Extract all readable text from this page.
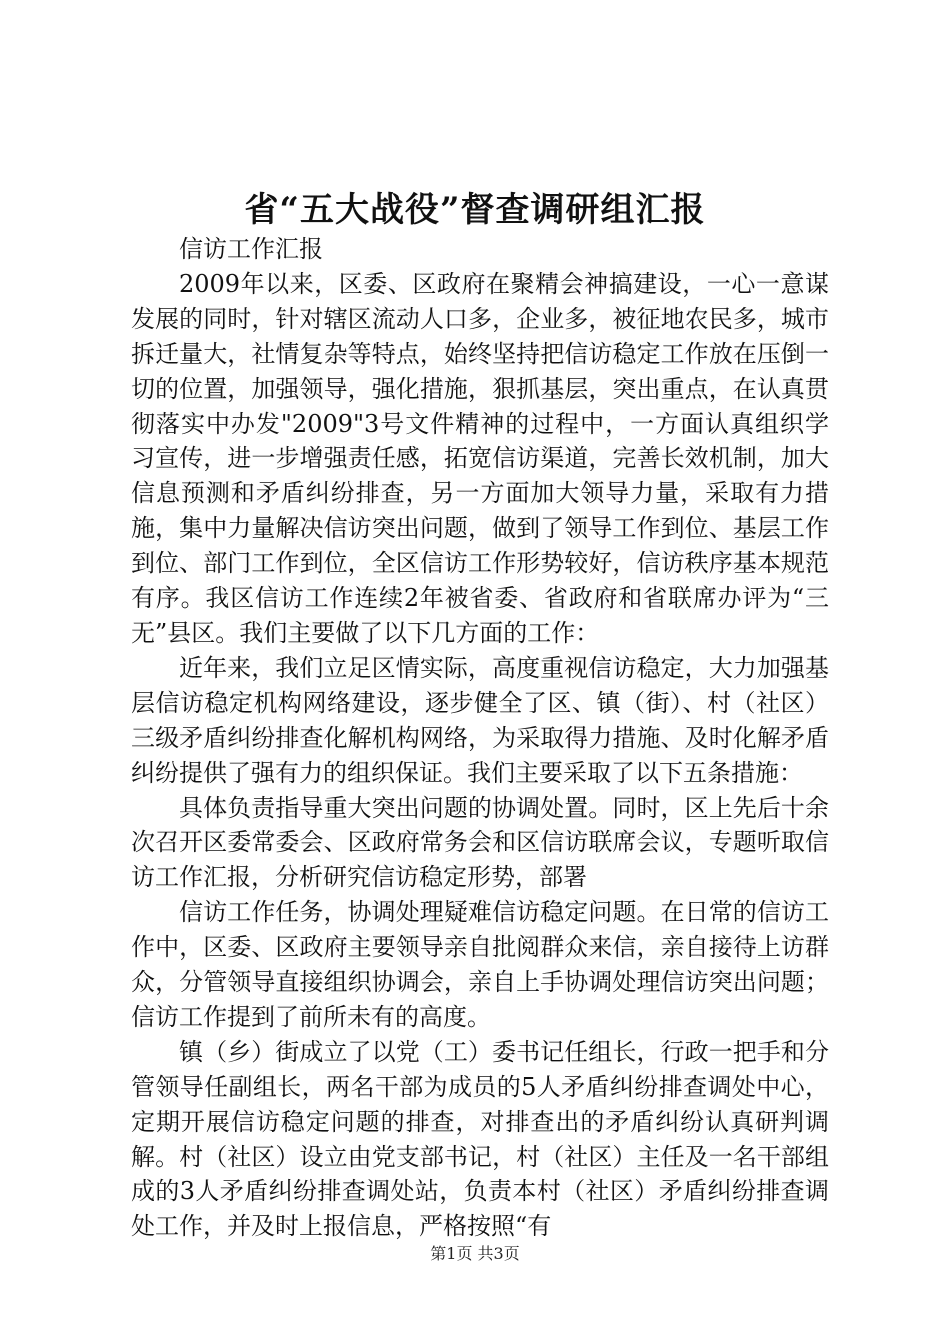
省“五大战役”督查调研组汇报

信访工作汇报

2009年以来，区委、区政府在聚精会神搞建设，一心一意谋发展的同时，针对辖区流动人口多，企业多，被征地农民多，城市拆迁量大，社情复杂等特点，始终坚持把信访稳定工作放在压倒一切的位置，加强领导，强化措施，狠抓基层，突出重点，在认真贯彻落实中办发"2009"3号文件精神的过程中，一方面认真组织学习宣传，进一步增强责任感，拓宽信访渠道，完善长效机制，加大信息预测和矛盾纠纷排查，另一方面加大领导力量，采取有力措施，集中力量解决信访突出问题，做到了领导工作到位、基层工作到位、部门工作到位，全区信访工作形势较好，信访秩序基本规范有序。我区信访工作连续2年被省委、省政府和省联席办评为“三无”县区。我们主要做了以下几方面的工作：

近年来，我们立足区情实际，高度重视信访稳定，大力加强基层信访稳定机构网络建设，逐步健全了区、镇（街）、村（社区）三级矛盾纠纷排查化解机构网络，为采取得力措施、及时化解矛盾纠纷提供了强有力的组织保证。我们主要采取了以下五条措施：

具体负责指导重大突出问题的协调处置。同时，区上先后十余次召开区委常委会、区政府常务会和区信访联席会议，专题听取信访工作汇报，分析研究信访稳定形势，部署

信访工作任务，协调处理疑难信访稳定问题。在日常的信访工作中，区委、区政府主要领导亲自批阅群众来信，亲自接待上访群众，分管领导直接组织协调会，亲自上手协调处理信访突出问题；信访工作提到了前所未有的高度。

镇（乡）街成立了以党（工）委书记任组长，行政一把手和分管领导任副组长，两名干部为成员的5人矛盾纠纷排查调处中心，定期开展信访稳定问题的排查，对排查出的矛盾纠纷认真研判调解。村（社区）设立由党支部书记，村（社区）主任及一名干部组成的3人矛盾纠纷排查调处站，负责本村（社区）矛盾纠纷排查调处工作，并及时上报信息，严格按照“有

第1页 共3页
